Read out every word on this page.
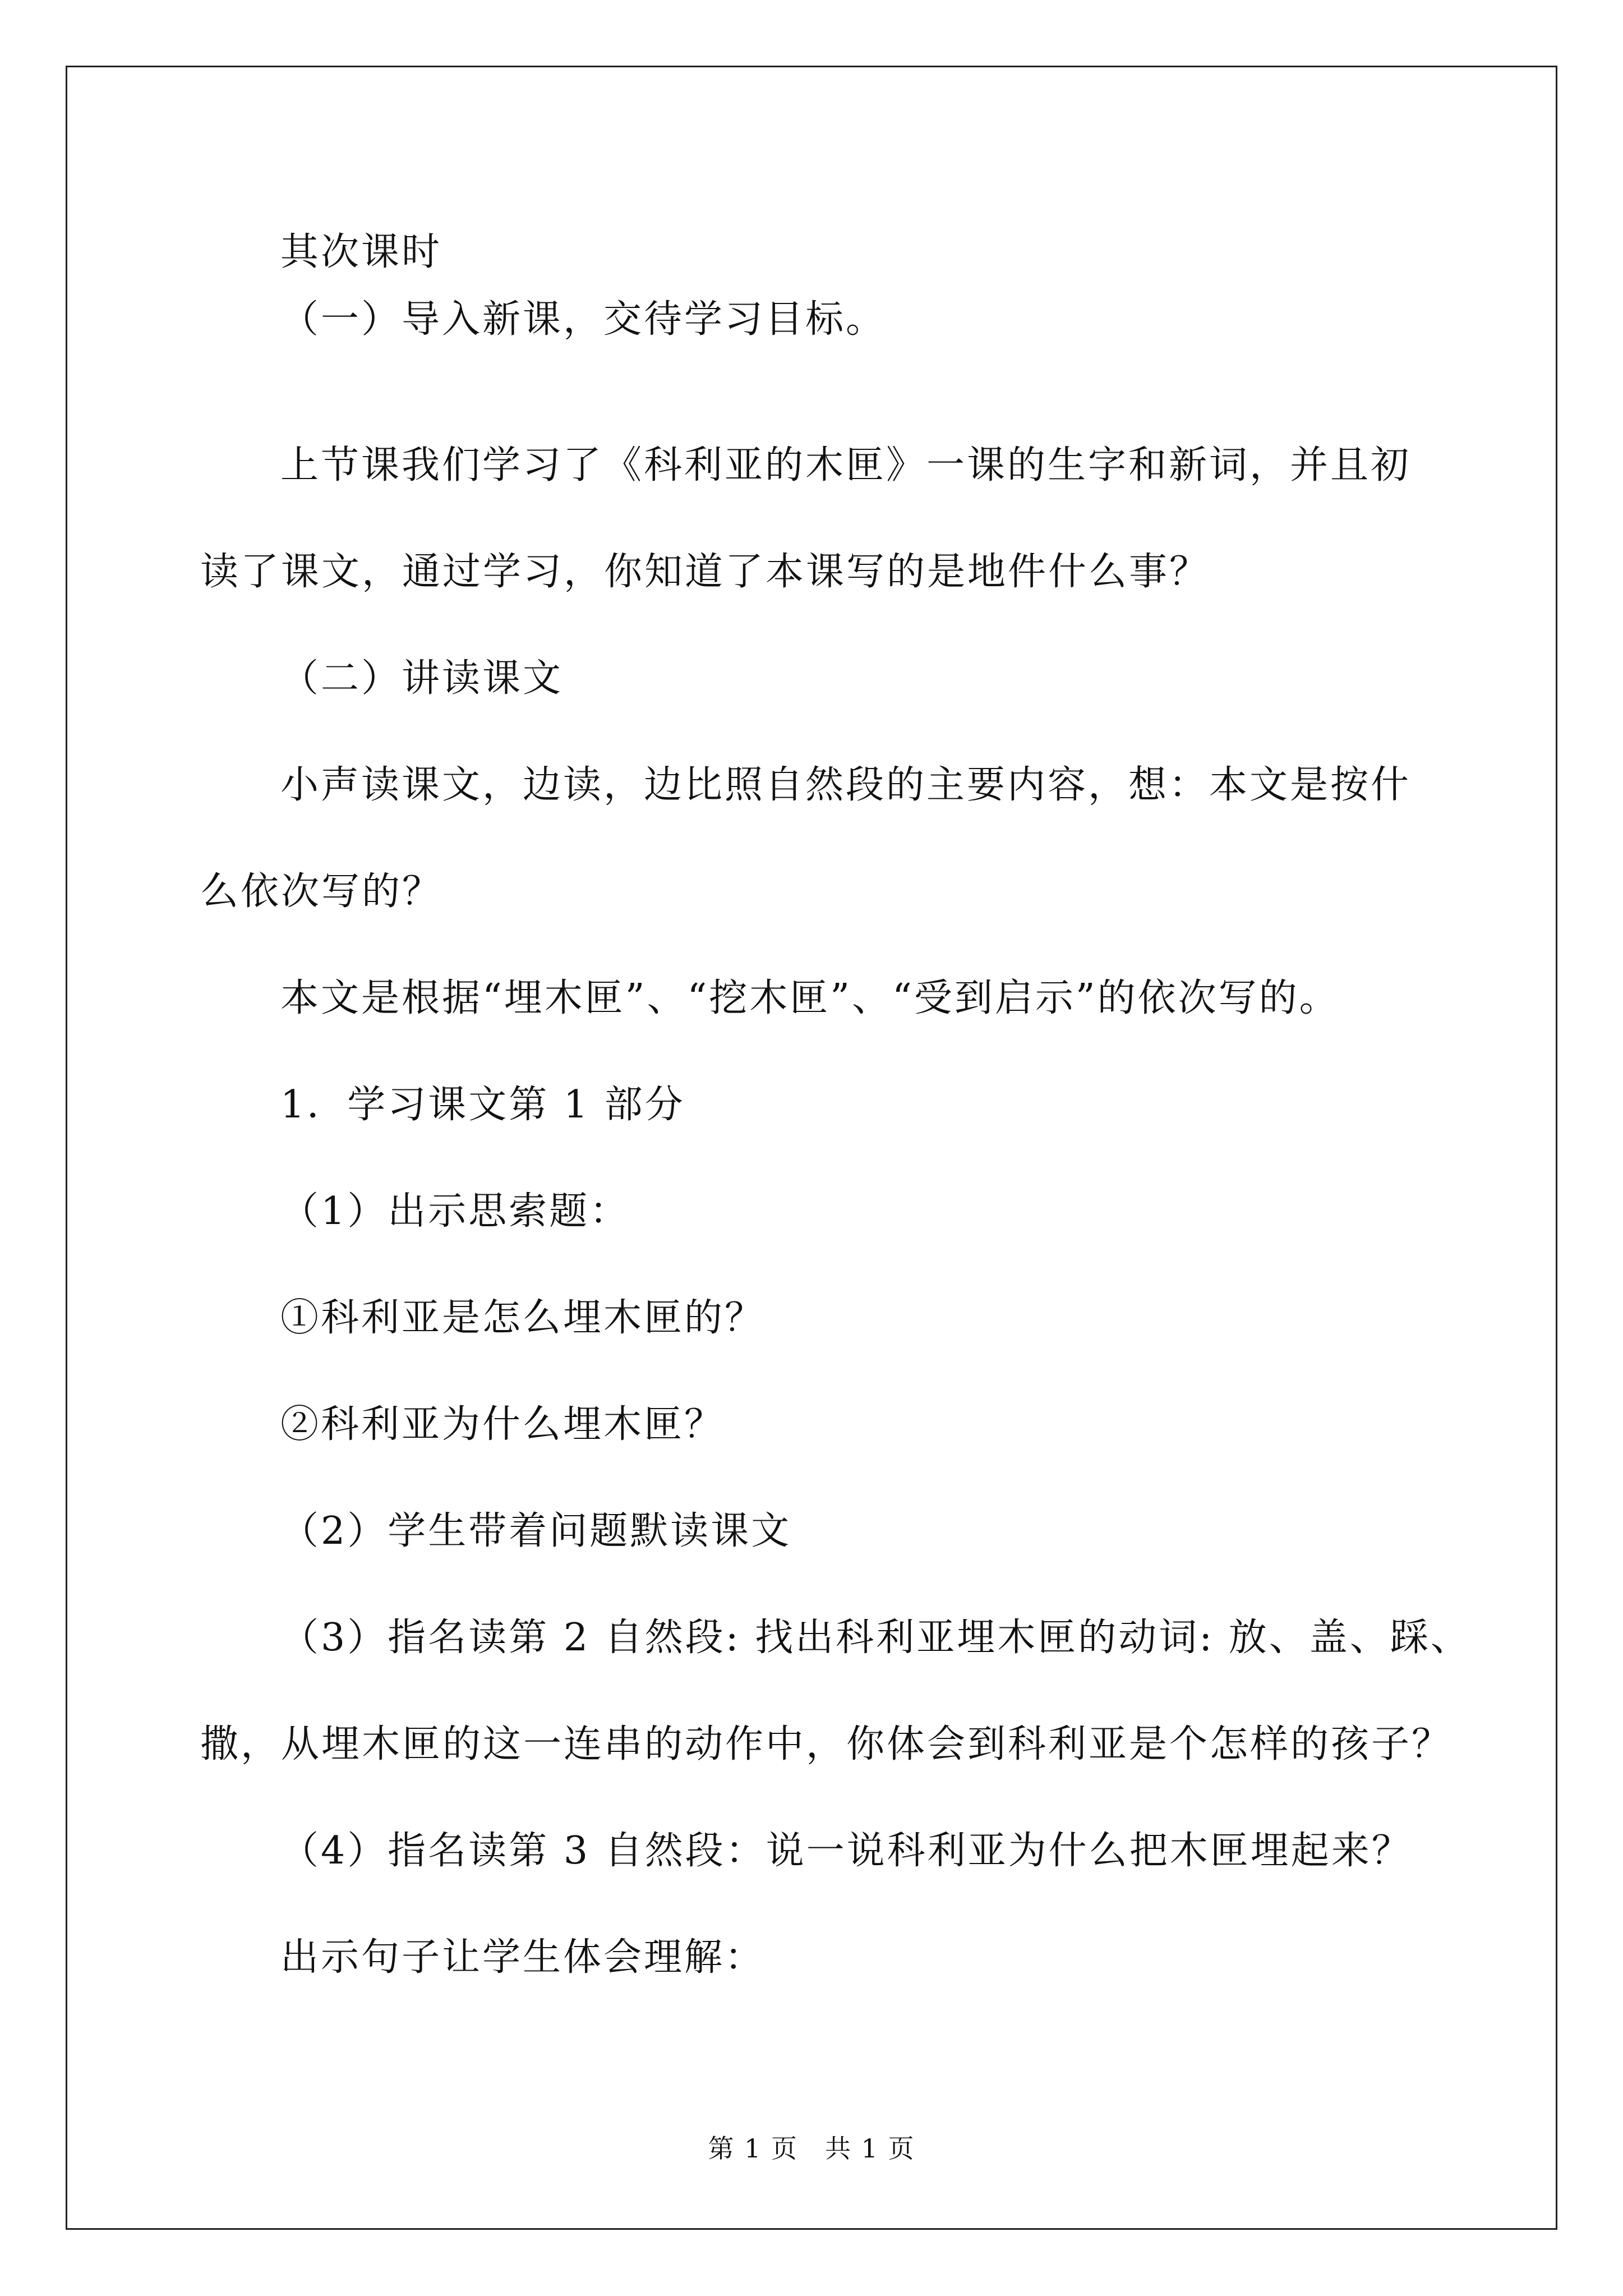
其次课时

（一）导入新课，交待学习目标。

上节课我们学习了《科利亚的木匣》一课的生字和新词，并且初

读了课文，通过学习，你知道了本课写的是地件什么事？

（二）讲读课文

小声读课文，边读，边比照自然段的主要内容，想：本文是按什

么依次写的？

本文是根据“埋木匣”、“挖木匣”、“受到启示”的依次写的。

1．学习课文第 1 部分

（1）出示思索题：

①科利亚是怎么埋木匣的？

②科利亚为什么埋木匣？

（2）学生带着问题默读课文

（3）指名读第 2 自然段: 找出科利亚埋木匣的动词: 放、盖、踩、

撒，从埋木匣的这一连串的动作中，你体会到科利亚是个怎样的孩子？

（4）指名读第 3 自然段：说一说科利亚为什么把木匣埋起来？

出示句子让学生体会理解：

第 1 页　共 1 页
